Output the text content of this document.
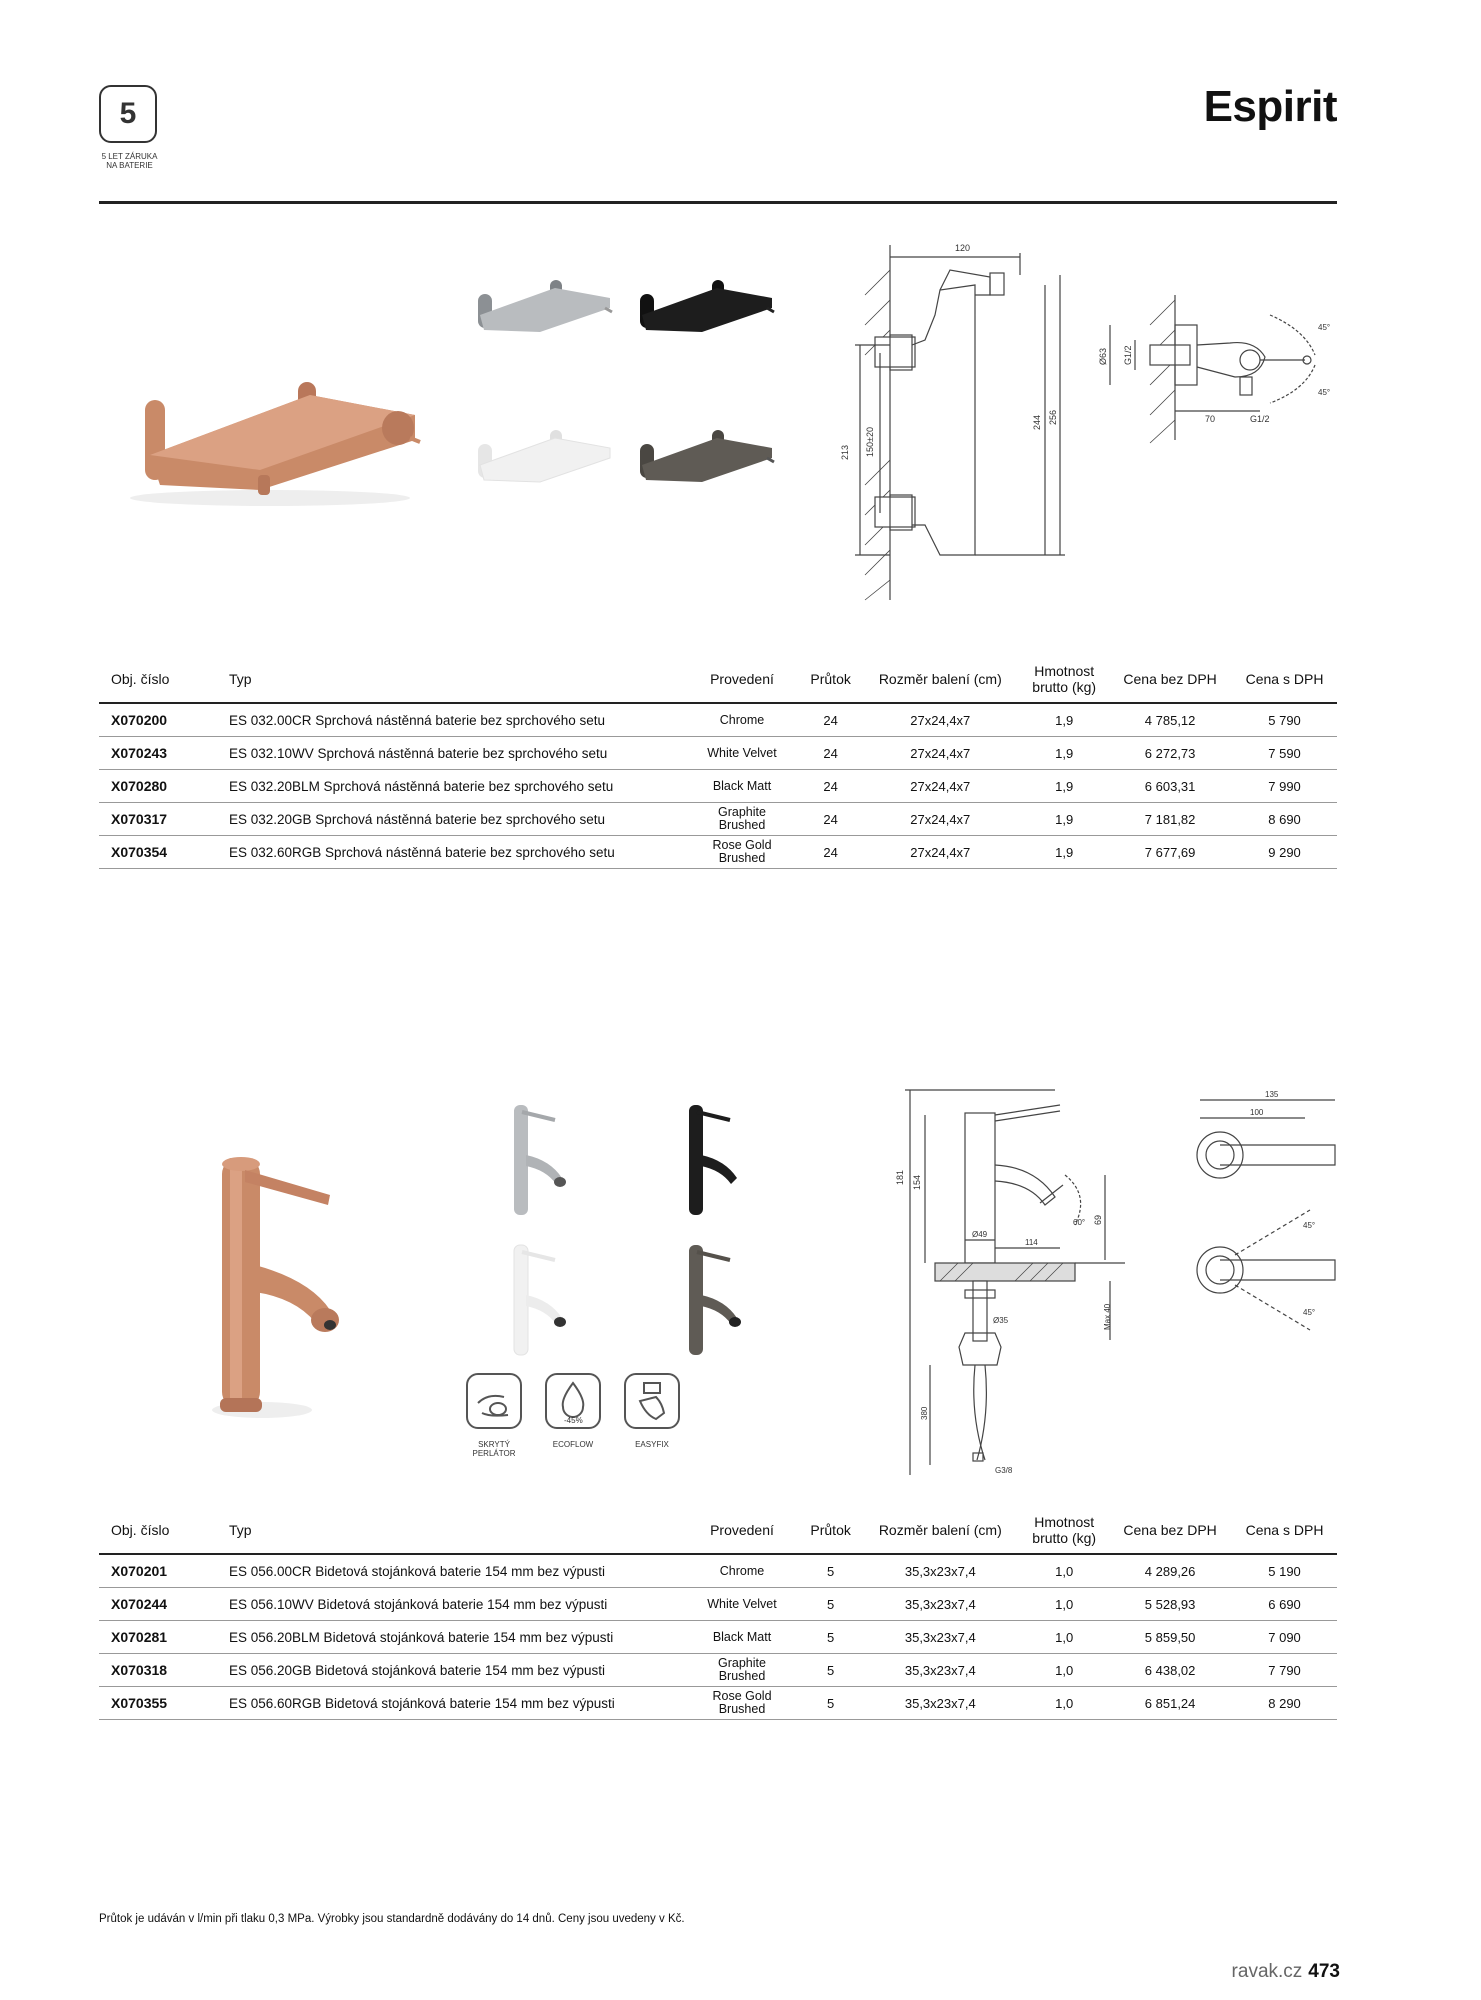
5
5 LET ZÁRUKA
NA BATERIE
Espirit
120
213 150±20
244 256
45°
45°
G1/2
70
Ø63 G1/2
Obj. číslo	Typ	Provedení	Průtok	Rozměr balení (cm)	Hmotnost
brutto (kg)	Cena bez DPH	Cena s DPH
X070200	ES 032.00CR Sprchová nástěnná baterie bez sprchového setu	Chrome	24	27x24,4x7	1,9	4 785,12	5 790
X070243	ES 032.10WV Sprchová nástěnná baterie bez sprchového setu	White Velvet	24	27x24,4x7	1,9	6 272,73	7 590
X070280	ES 032.20BLM Sprchová nástěnná baterie bez sprchového setu	Black Matt	24	27x24,4x7	1,9	6 603,31	7 990
X070317	ES 032.20GB Sprchová nástěnná baterie bez sprchového setu	Graphite
Brushed	24	27x24,4x7	1,9	7 181,82	8 690
X070354	ES 032.60RGB Sprchová nástěnná baterie bez sprchového setu	Rose Gold
Brushed	24	27x24,4x7	1,9	7 677,69	9 290
SKRYTÝ
PERLÁTOR
-45%
ECOFLOW	EASYFIX
181 154
60° 69
Ø49
114
Ø35	Max 40
380
G3/8
135
100
45°
45°
Obj. číslo	Typ	Provedení	Průtok	Rozměr balení (cm)	Hmotnost
brutto (kg)	Cena bez DPH	Cena s DPH
X070201	ES 056.00CR Bidetová stojánková baterie 154 mm bez výpusti	Chrome	5	35,3x23x7,4	1,0	4 289,26	5 190
X070244	ES 056.10WV Bidetová stojánková baterie 154 mm bez výpusti	White Velvet	5	35,3x23x7,4	1,0	5 528,93	6 690
X070281	ES 056.20BLM Bidetová stojánková baterie 154 mm bez výpusti	Black Matt	5	35,3x23x7,4	1,0	5 859,50	7 090
X070318	ES 056.20GB Bidetová stojánková baterie 154 mm bez výpusti	Graphite
Brushed	5	35,3x23x7,4	1,0	6 438,02	7 790
X070355	ES 056.60RGB Bidetová stojánková baterie 154 mm bez výpusti	Rose Gold
Brushed	5	35,3x23x7,4	1,0	6 851,24	8 290
Průtok je udáván v l/min při tlaku 0,3 MPa. Výrobky jsou standardně dodávány do 14 dnů. Ceny jsou uvedeny v Kč.
ravak.cz 473
